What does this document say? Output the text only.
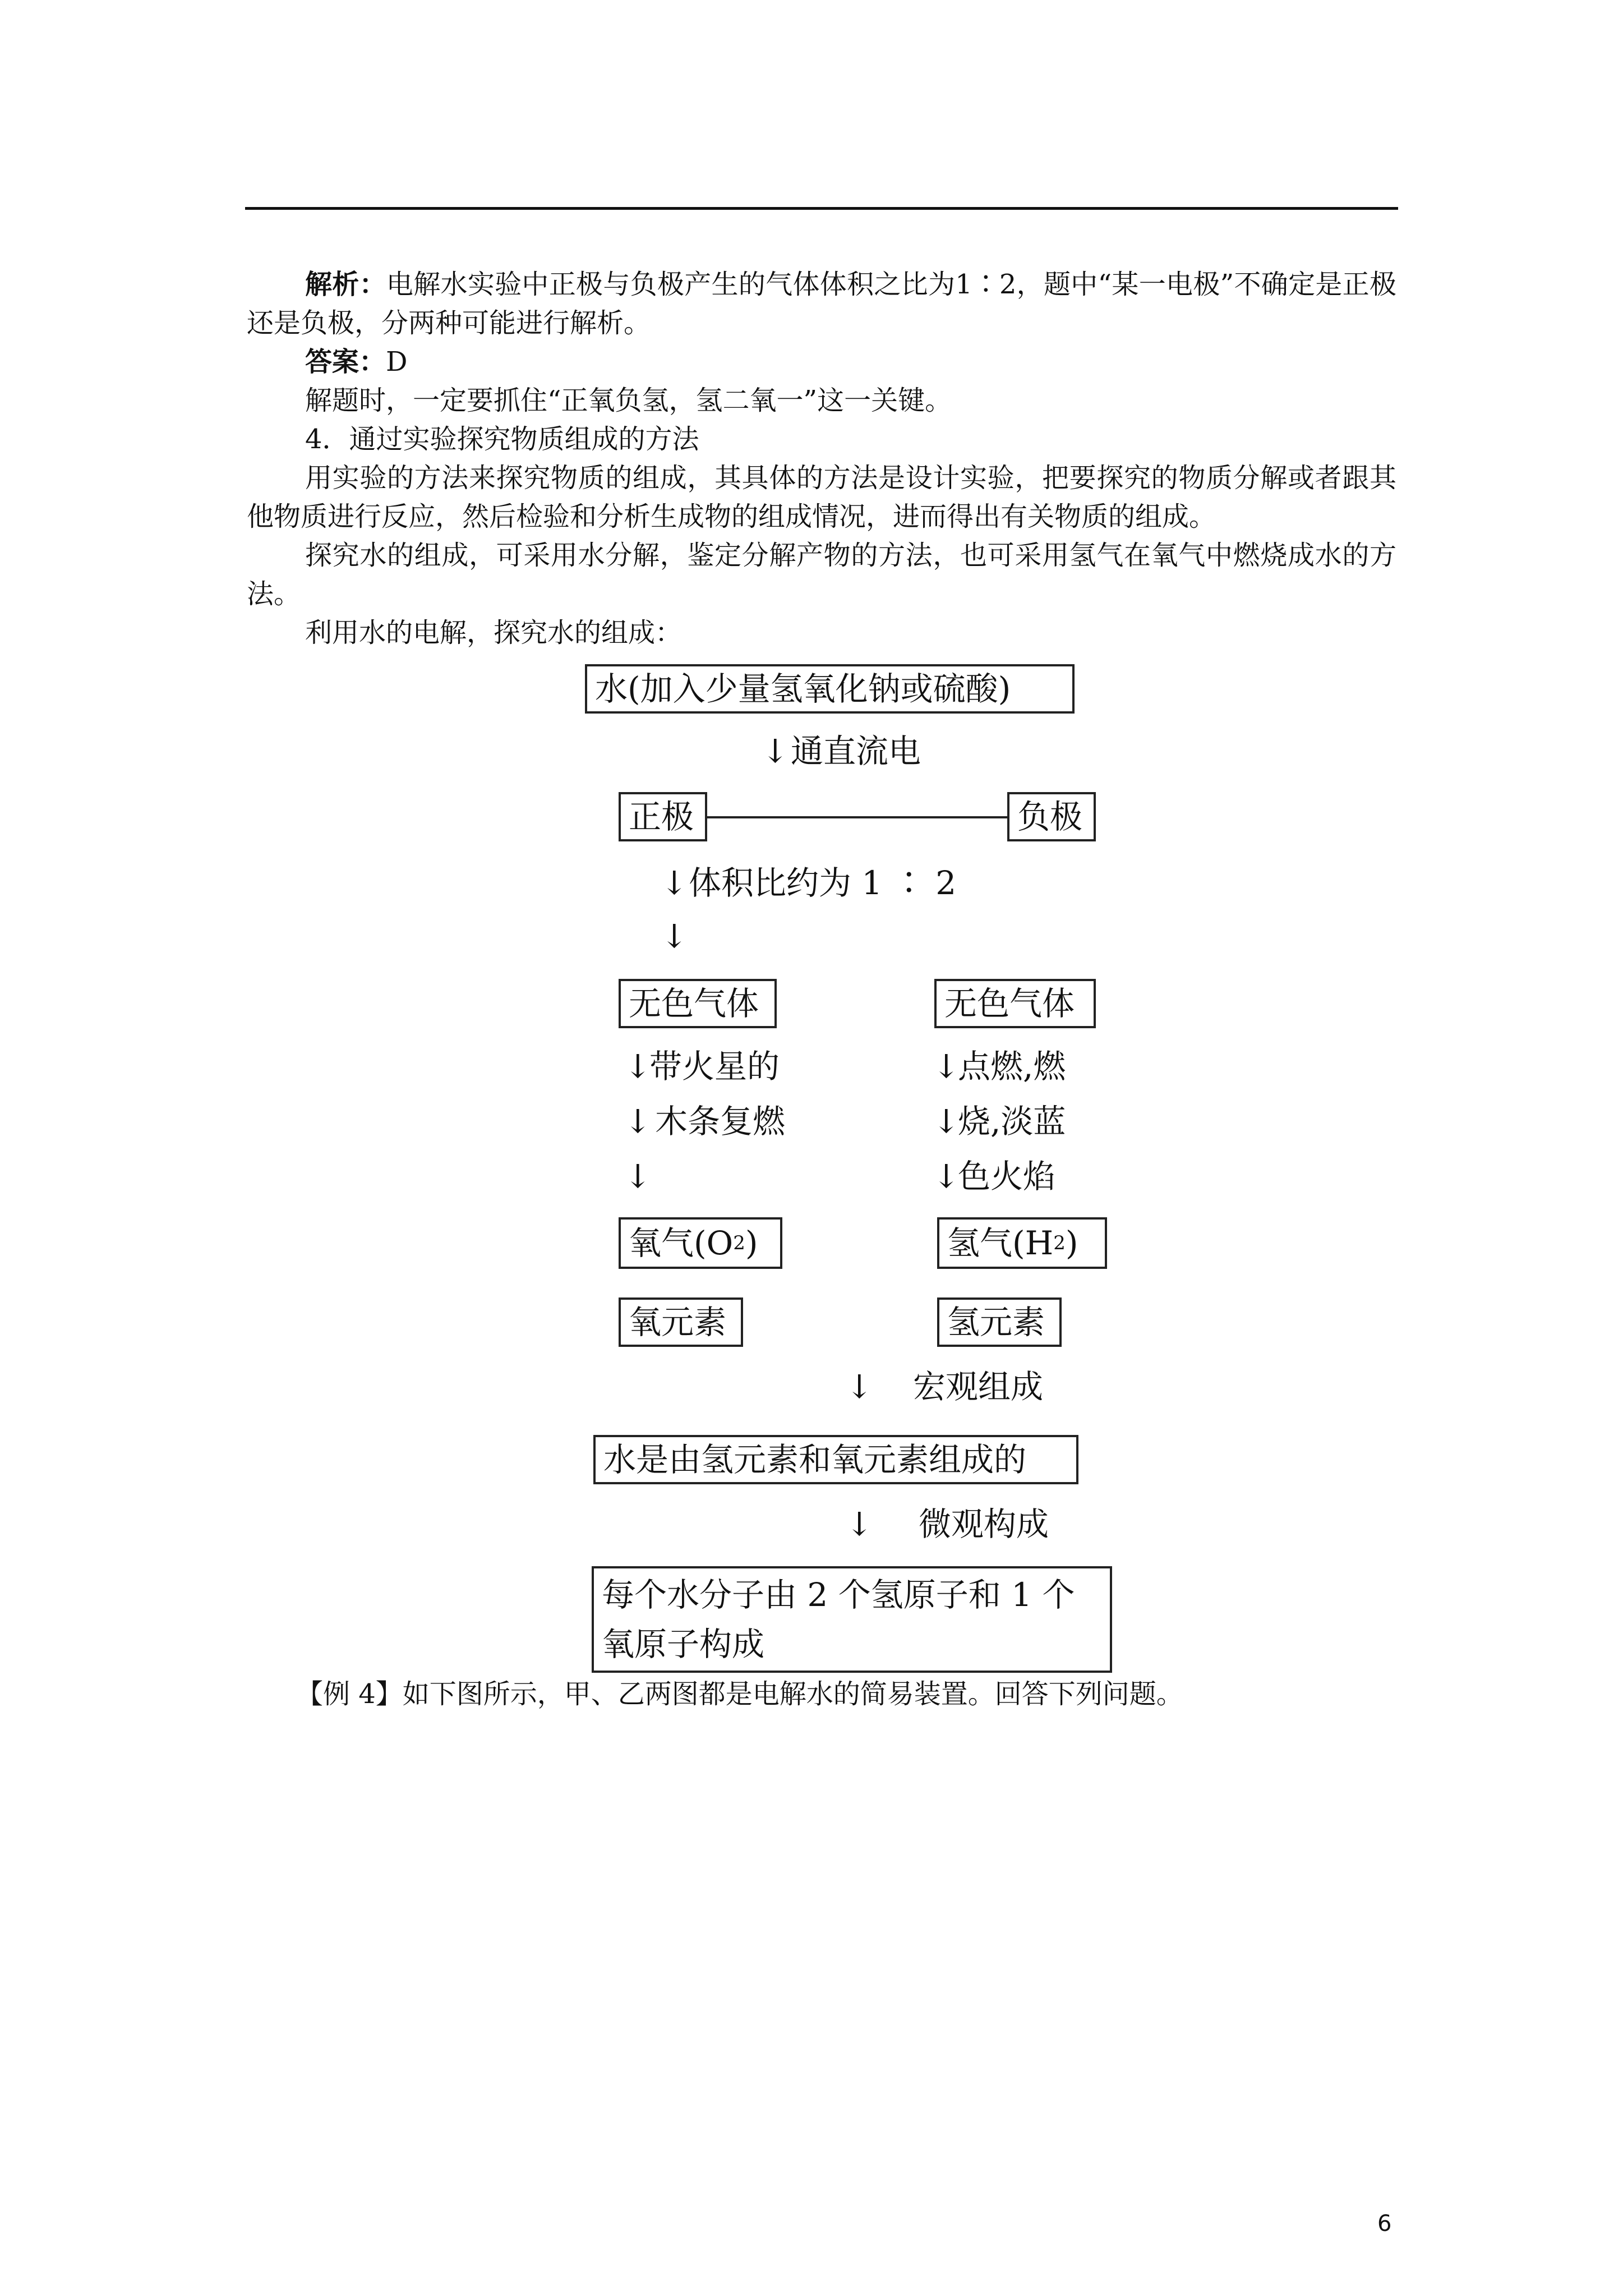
解析：电解水实验中正极与负极产生的气体体积之比为1∶2，题中“某一电极”不确定是正极还是负极，分两种可能进行解析。
答案：D
解题时，一定要抓住“正氧负氢，氢二氧一”这一关键。
4．通过实验探究物质组成的方法
用实验的方法来探究物质的组成，其具体的方法是设计实验，把要探究的物质分解或者跟其他物质进行反应，然后检验和分析生成物的组成情况，进而得出有关物质的组成。
探究水的组成，可采用水分解，鉴定分解产物的方法，也可采用氢气在氧气中燃烧成水的方法。
利用水的电解，探究水的组成：
水(加入少量氢氧化钠或硫酸)
↓ 通直流电
正极	负极
↓ 体积比约为 1 ∶ 2
↓
无色气体	无色气体
↓
带火星的
↓ 木条复燃
↓
↓
点燃,燃
↓
烧,淡蓝
↓
色火焰
氧气(O 2 )	氢气(H 2 )
氧元素	氢元素
↓ 宏观组成
水是由氢元素和氧元素组成的
↓ 微观构成
每个水分子由 2 个氢原子和 1 个
氧原子构成
【例 4】如下图所示，甲、乙两图都是电解水的简易装置。回答下列问题。
6
